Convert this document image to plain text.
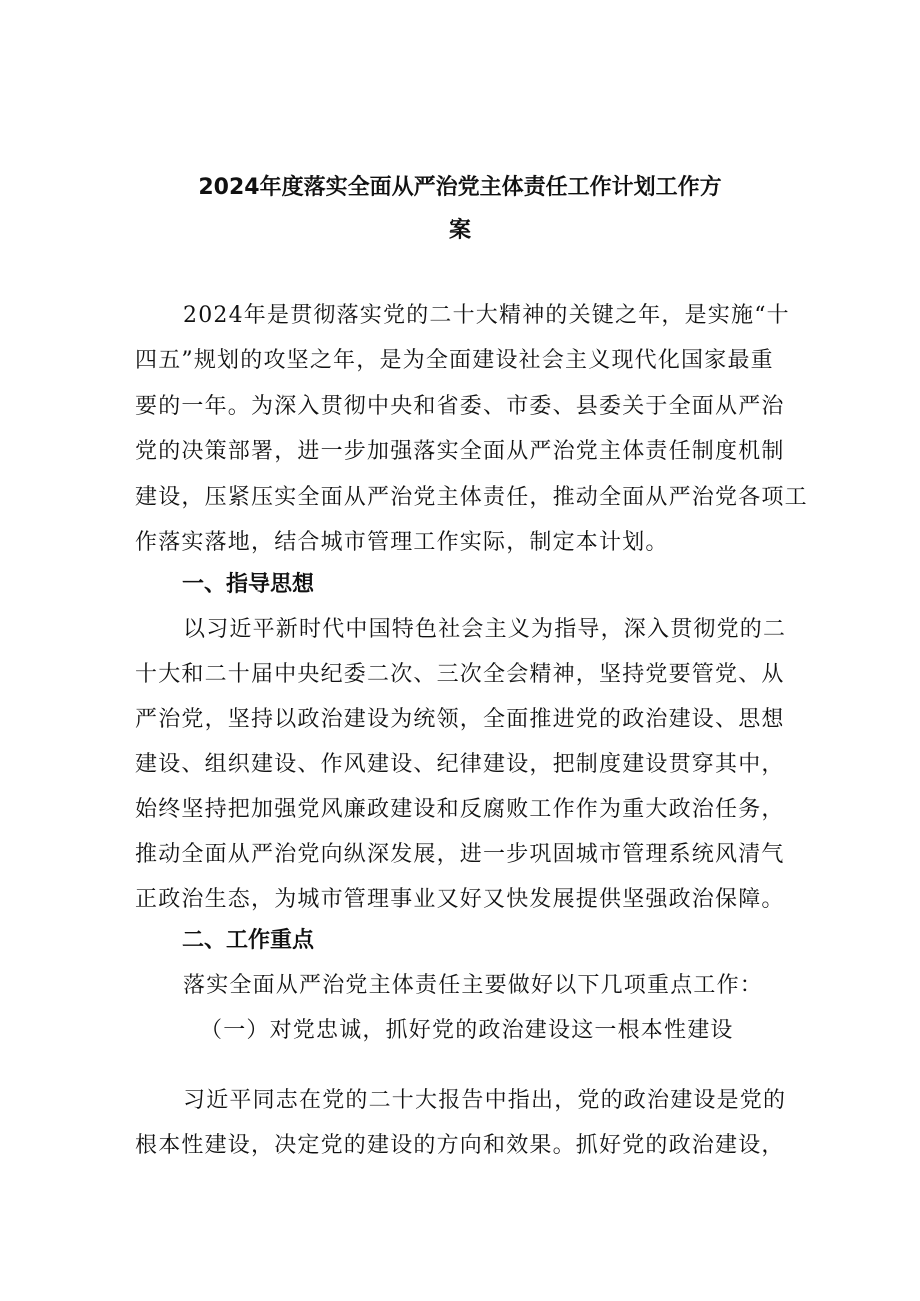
2024年度落实全面从严治党主体责任工作计划工作方
案
2024年是贯彻落实党的二十大精神的关键之年，是实施“十
四五”规划的攻坚之年，是为全面建设社会主义现代化国家最重
要的一年。为深入贯彻中央和省委、市委、县委关于全面从严治
党的决策部署，进一步加强落实全面从严治党主体责任制度机制
建设，压紧压实全面从严治党主体责任，推动全面从严治党各项工
作落实落地，结合城市管理工作实际，制定本计划。
一、指导思想
以习近平新时代中国特色社会主义为指导，深入贯彻党的二
十大和二十届中央纪委二次、三次全会精神，坚持党要管党、从
严治党，坚持以政治建设为统领，全面推进党的政治建设、思想
建设、组织建设、作风建设、纪律建设，把制度建设贯穿其中，
始终坚持把加强党风廉政建设和反腐败工作作为重大政治任务，
推动全面从严治党向纵深发展，进一步巩固城市管理系统风清气
正政治生态，为城市管理事业又好又快发展提供坚强政治保障。
二、工作重点
落实全面从严治党主体责任主要做好以下几项重点工作：
（一）对党忠诚，抓好党的政治建设这一根本性建设
习近平同志在党的二十大报告中指出，党的政治建设是党的
根本性建设，决定党的建设的方向和效果。抓好党的政治建设，
